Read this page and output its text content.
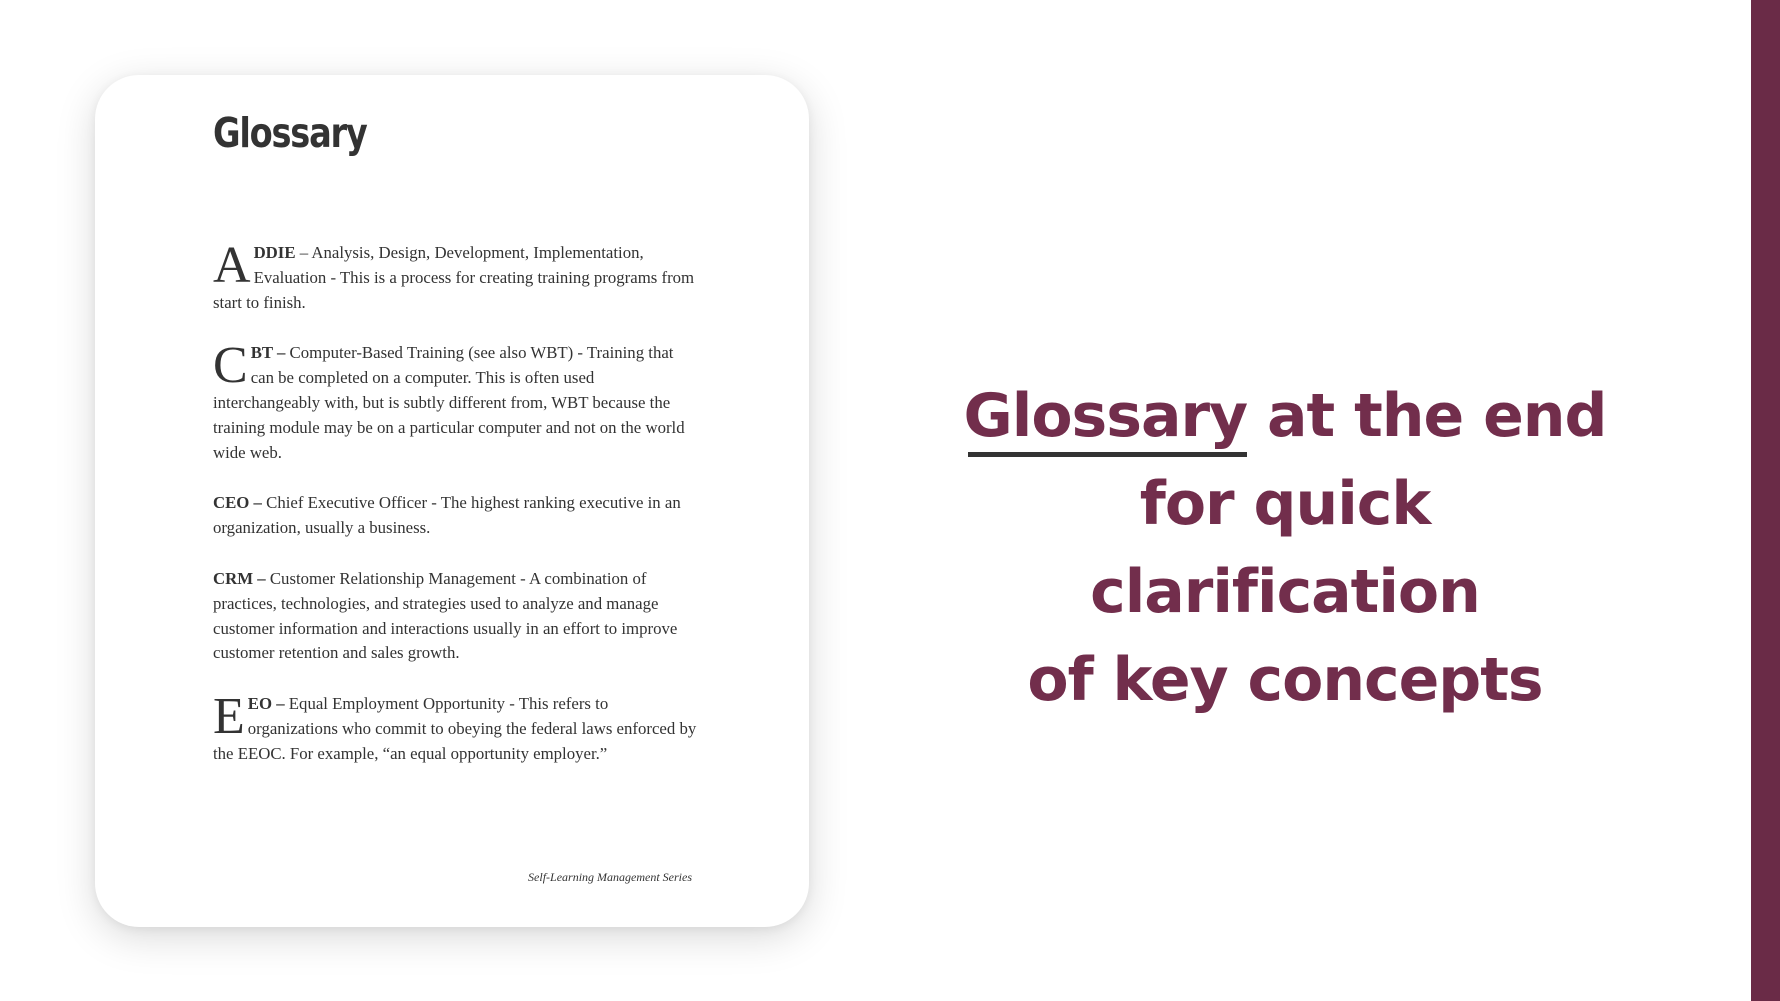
Glossary

ADDIE – Analysis, Design, Development, Implementation, Evaluation - This is a process for creating training programs from start to finish.

CBT – Computer-Based Training (see also WBT) - Training that can be completed on a computer. This is often used interchangeably with, but is subtly different from, WBT because the training module may be on a particular computer and not on the world wide web.

CEO – Chief Executive Officer - The highest ranking executive in an organization, usually a business.

CRM – Customer Relationship Management - A combination of practices, technologies, and strategies used to analyze and manage customer information and interactions usually in an effort to improve customer retention and sales growth.

EEO – Equal Employment Opportunity - This refers to organizations who commit to obeying the federal laws enforced by the EEOC. For example, “an equal opportunity employer.”

Self-Learning Management Series
Glossary at the end
for quick clarification
of key concepts
